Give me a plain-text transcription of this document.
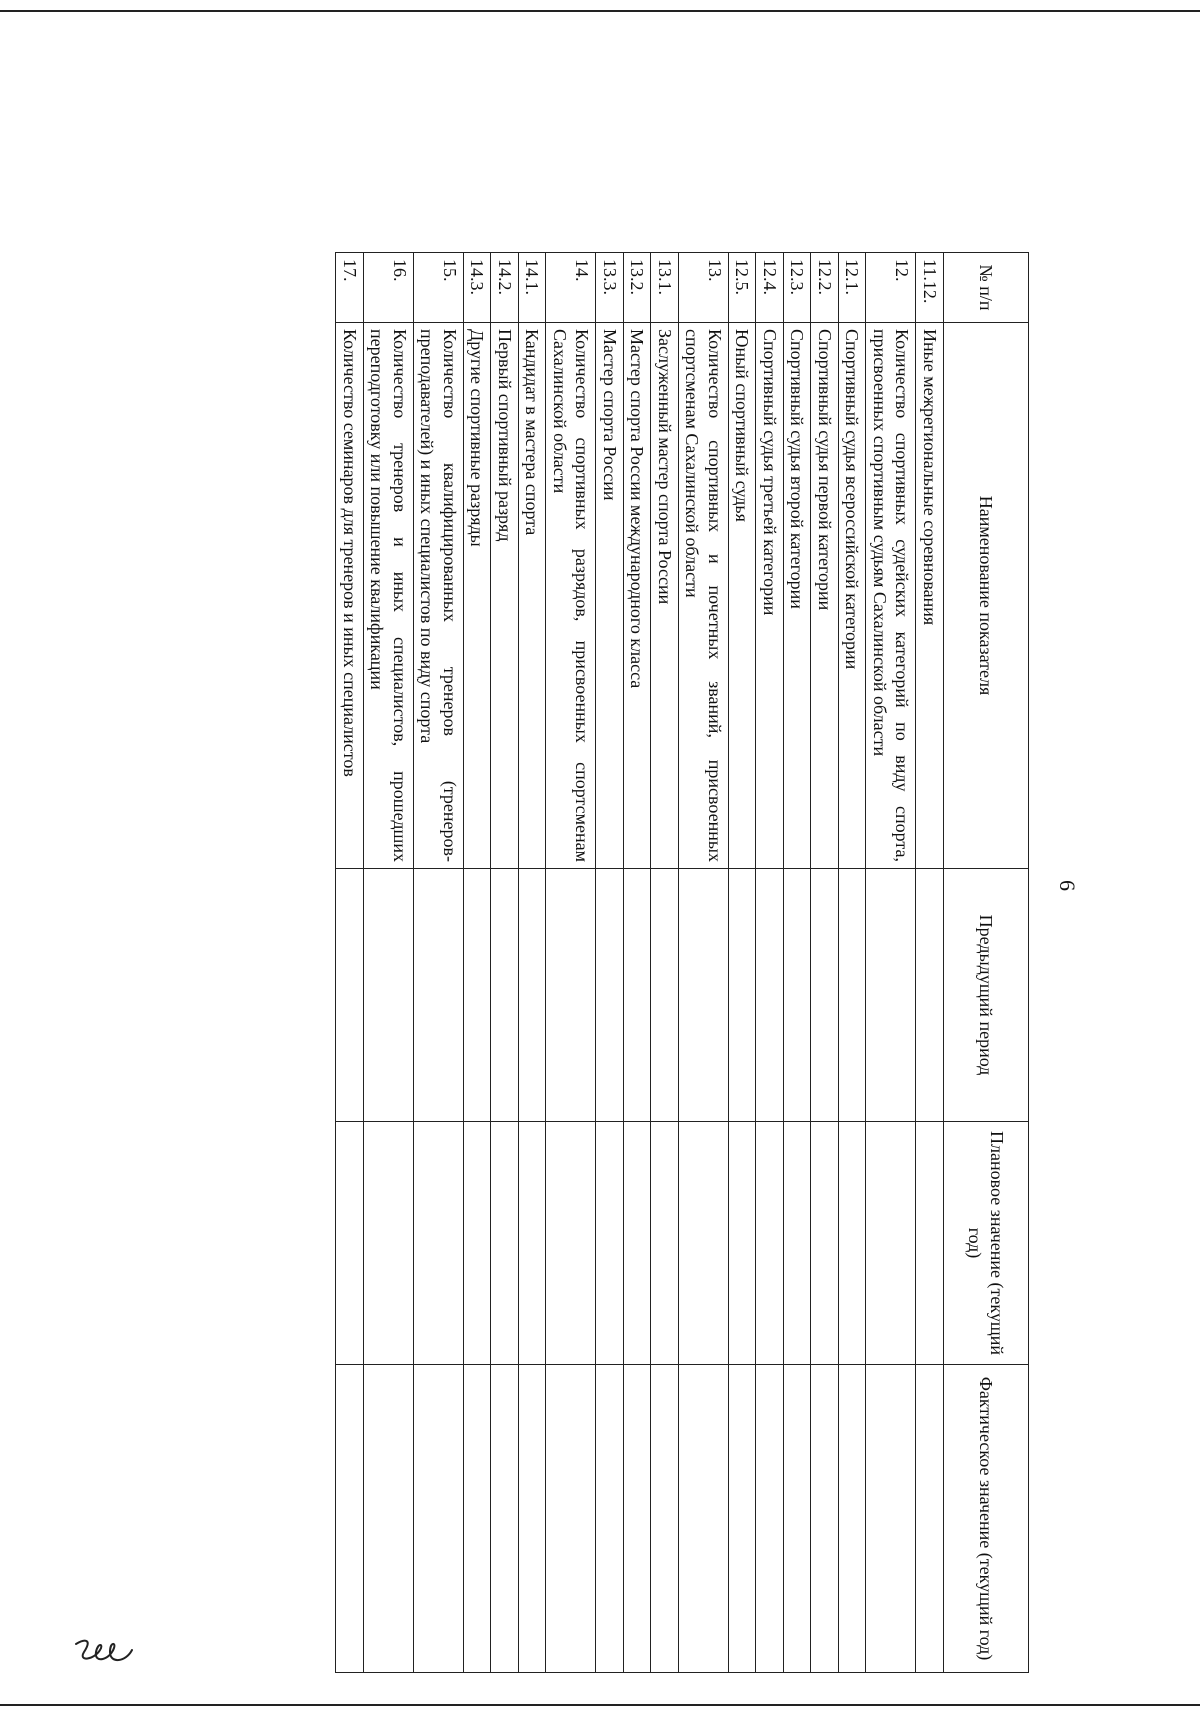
6
№ п/п	Наименование показателя	Предыдущий период	Плановое значение (текущий год)	Фактическое значение (текущий год)
11.12.	Иные межрегиональные соревнования			
12.	Количество спортивных судейских категорий по виду спорта, присвоенных спортивным судьям Сахалинской области			
12.1.	Спортивный судья всероссийской категории			
12.2.	Спортивный судья первой категории			
12.3.	Спортивный судья второй категории			
12.4.	Спортивный судья третьей категории			
12.5.	Юный спортивный судья			
13.	Количество спортивных и почетных званий, присвоенных спортсменам Сахалинской области			
13.1.	Заслуженный мастер спорта России			
13.2.	Мастер спорта России международного класса			
13.3.	Мастер спорта России			
14.	Количество спортивных разрядов, присвоенных спортсменам Сахалинской области			
14.1.	Кандидат в мастера спорта			
14.2.	Первый спортивный разряд			
14.3.	Другие спортивные разряды			
15.	Количество квалифицированных тренеров (тренеров-преподавателей) и иных специалистов по виду спорта			
16.	Количество тренеров и иных специалистов, прошедших переподготовку или повышение квалификации			
17.	Количество семинаров для тренеров и иных специалистов			
